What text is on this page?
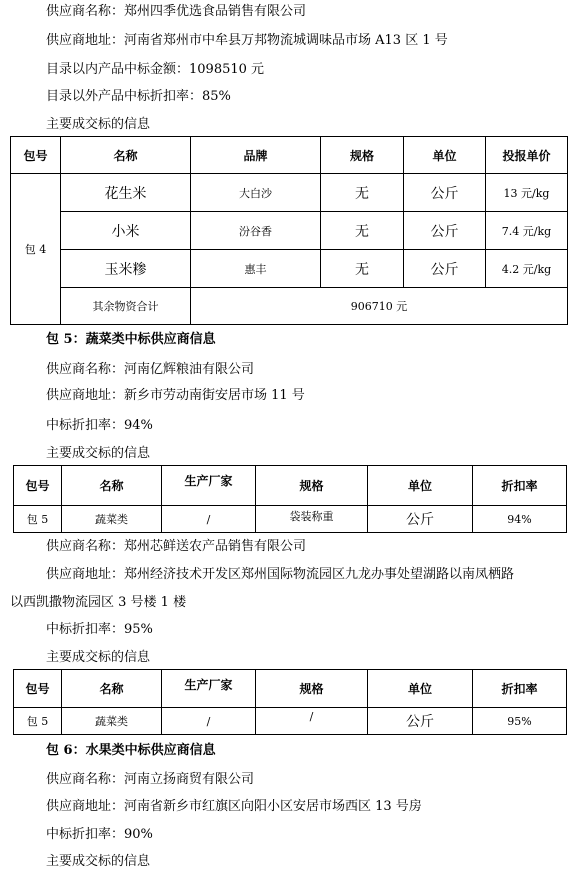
供应商名称：郑州四季优选食品销售有限公司
供应商地址：河南省郑州市中牟县万邦物流城调味品市场 A13 区 1 号
目录以内产品中标金额：1098510 元
目录以外产品中标折扣率：85%
主要成交标的信息
包号	名称	品牌	规格	单位	投报单价
包 4	花生米	大白沙	无	公斤	13 元/kg
	小米	汾谷香	无	公斤	7.4 元/kg
	玉米糁	惠丰	无	公斤	4.2 元/kg
	其余物资合计	906710 元			
包 5：蔬菜类中标供应商信息
供应商名称：河南亿辉粮油有限公司
供应商地址：新乡市劳动南街安居市场 11 号
中标折扣率：94%
主要成交标的信息
包号	名称	生产厂家	规格	单位	折扣率
包 5	蔬菜类	/	袋装称重	公斤	94%
供应商名称：郑州芯鲜送农产品销售有限公司
供应商地址：郑州经济技术开发区郑州国际物流园区九龙办事处望湖路以南凤栖路
以西凯撒物流园区 3 号楼 1 楼
中标折扣率：95%
主要成交标的信息
包号	名称	生产厂家	规格	单位	折扣率
包 5	蔬菜类	/	/	公斤	95%
包 6：水果类中标供应商信息
供应商名称：河南立扬商贸有限公司
供应商地址：河南省新乡市红旗区向阳小区安居市场西区 13 号房
中标折扣率：90%
主要成交标的信息
